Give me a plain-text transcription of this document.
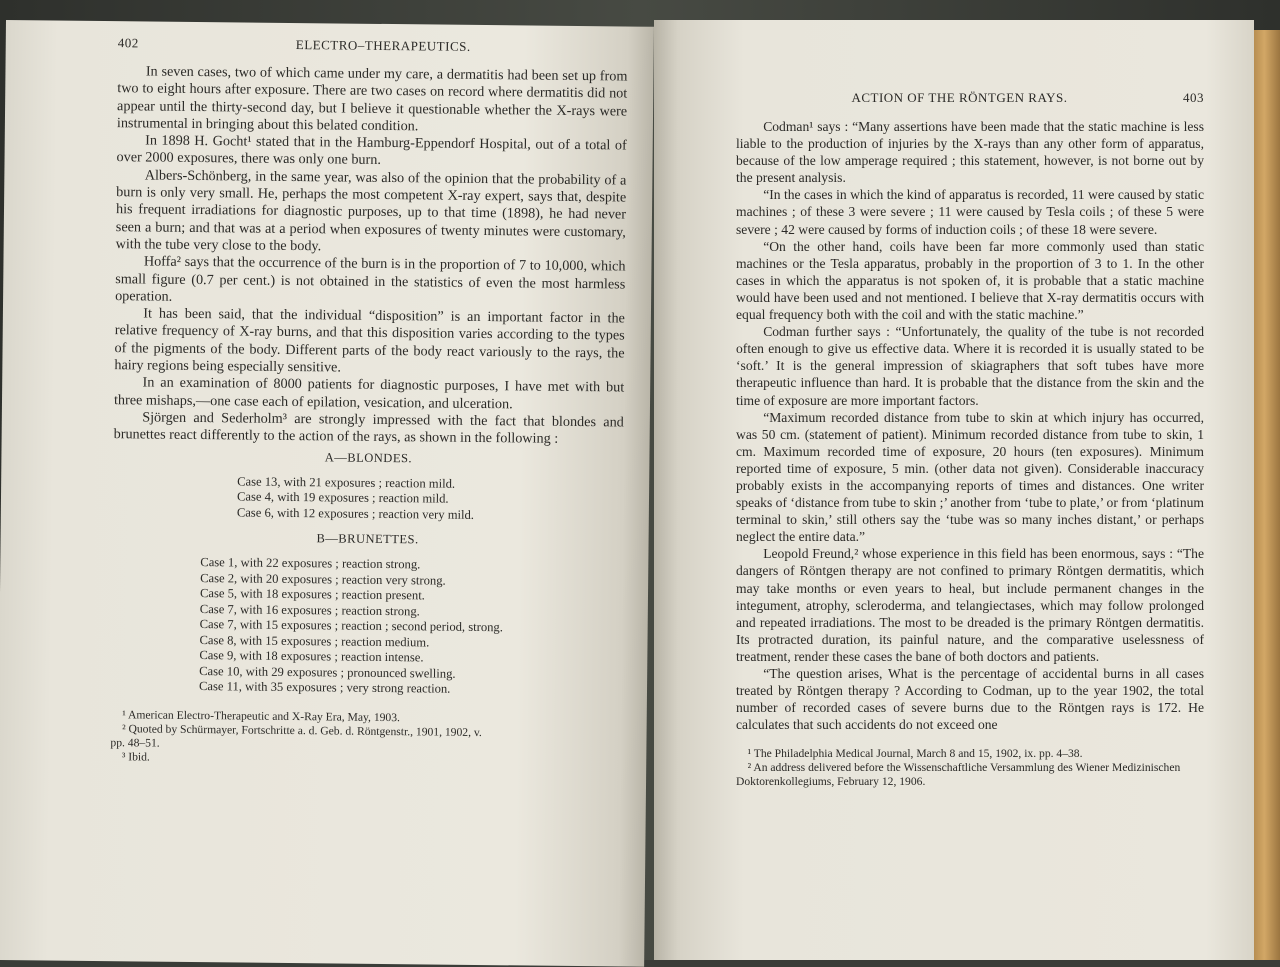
402	ELECTRO–THERAPEUTICS.

In seven cases, two of which came under my care, a dermatitis had been set up from two to eight hours after exposure. There are two cases on record where dermatitis did not appear until the thirty-second day, but I believe it questionable whether the X-rays were instrumental in bringing about this belated condition.

In 1898 H. Gocht¹ stated that in the Hamburg-Eppendorf Hospital, out of a total of over 2000 exposures, there was only one burn.

Albers-Schönberg, in the same year, was also of the opinion that the probability of a burn is only very small. He, perhaps the most competent X-ray expert, says that, despite his frequent irradiations for diagnostic purposes, up to that time (1898), he had never seen a burn; and that was at a period when exposures of twenty minutes were customary, with the tube very close to the body.

Hoffa² says that the occurrence of the burn is in the proportion of 7 to 10,000, which small figure (0.7 per cent.) is not obtained in the statistics of even the most harmless operation.

It has been said, that the individual “disposition” is an important factor in the relative frequency of X-ray burns, and that this disposition varies according to the types of the pigments of the body. Different parts of the body react variously to the rays, the hairy regions being especially sensitive.

In an examination of 8000 patients for diagnostic purposes, I have met with but three mishaps,—one case each of epilation, vesication, and ulceration.

Sjörgen and Sederholm³ are strongly impressed with the fact that blondes and brunettes react differently to the action of the rays, as shown in the following :

A—BLONDES.
Case 13, with 21 exposures ; reaction mild.
Case 4, with 19 exposures ; reaction mild.
Case 6, with 12 exposures ; reaction very mild.
B—BRUNETTES.
Case 1, with 22 exposures ; reaction strong.
Case 2, with 20 exposures ; reaction very strong.
Case 5, with 18 exposures ; reaction present.
Case 7, with 16 exposures ; reaction strong.
Case 7, with 15 exposures ; reaction ; second period, strong.
Case 8, with 15 exposures ; reaction medium.
Case 9, with 18 exposures ; reaction intense.
Case 10, with 29 exposures ; pronounced swelling.
Case 11, with 35 exposures ; very strong reaction.
¹ American Electro-Therapeutic and X-Ray Era, May, 1903.
² Quoted by Schürmayer, Fortschritte a. d. Geb. d. Röntgenstr., 1901, 1902, v.
pp. 48–51.
³ Ibid.
ACTION OF THE RÖNTGEN RAYS.	403

Codman¹ says : “Many assertions have been made that the static machine is less liable to the production of injuries by the X-rays than any other form of apparatus, because of the low amperage required ; this statement, however, is not borne out by the present analysis.

“In the cases in which the kind of apparatus is recorded, 11 were caused by static machines ; of these 3 were severe ; 11 were caused by Tesla coils ; of these 5 were severe ; 42 were caused by forms of induction coils ; of these 18 were severe.

“On the other hand, coils have been far more commonly used than static machines or the Tesla apparatus, probably in the proportion of 3 to 1. In the other cases in which the apparatus is not spoken of, it is probable that a static machine would have been used and not mentioned. I believe that X-ray dermatitis occurs with equal frequency both with the coil and with the static machine.”

Codman further says : “Unfortunately, the quality of the tube is not recorded often enough to give us effective data. Where it is recorded it is usually stated to be ‘soft.’ It is the general impression of skiagraphers that soft tubes have more therapeutic influence than hard. It is probable that the distance from the skin and the time of exposure are more important factors.

“Maximum recorded distance from tube to skin at which injury has occurred, was 50 cm. (statement of patient). Minimum recorded distance from tube to skin, 1 cm. Maximum recorded time of exposure, 20 hours (ten exposures). Minimum reported time of exposure, 5 min. (other data not given). Considerable inaccuracy probably exists in the accompanying reports of times and distances. One writer speaks of ‘distance from tube to skin ;’ another from ‘tube to plate,’ or from ‘platinum terminal to skin,’ still others say the ‘tube was so many inches distant,’ or perhaps neglect the entire data.”

Leopold Freund,² whose experience in this field has been enormous, says : “The dangers of Röntgen therapy are not confined to primary Röntgen dermatitis, which may take months or even years to heal, but include permanent changes in the integument, atrophy, scleroderma, and telangiectases, which may follow prolonged and repeated irradiations. The most to be dreaded is the primary Röntgen dermatitis. Its protracted duration, its painful nature, and the comparative uselessness of treatment, render these cases the bane of both doctors and patients.

“The question arises, What is the percentage of accidental burns in all cases treated by Röntgen therapy ? According to Codman, up to the year 1902, the total number of recorded cases of severe burns due to the Röntgen rays is 172. He calculates that such accidents do not exceed one

¹ The Philadelphia Medical Journal, March 8 and 15, 1902, ix. pp. 4–38.
² An address delivered before the Wissenschaftliche Versammlung des Wiener Medizinischen Doktorenkollegiums, February 12, 1906.
